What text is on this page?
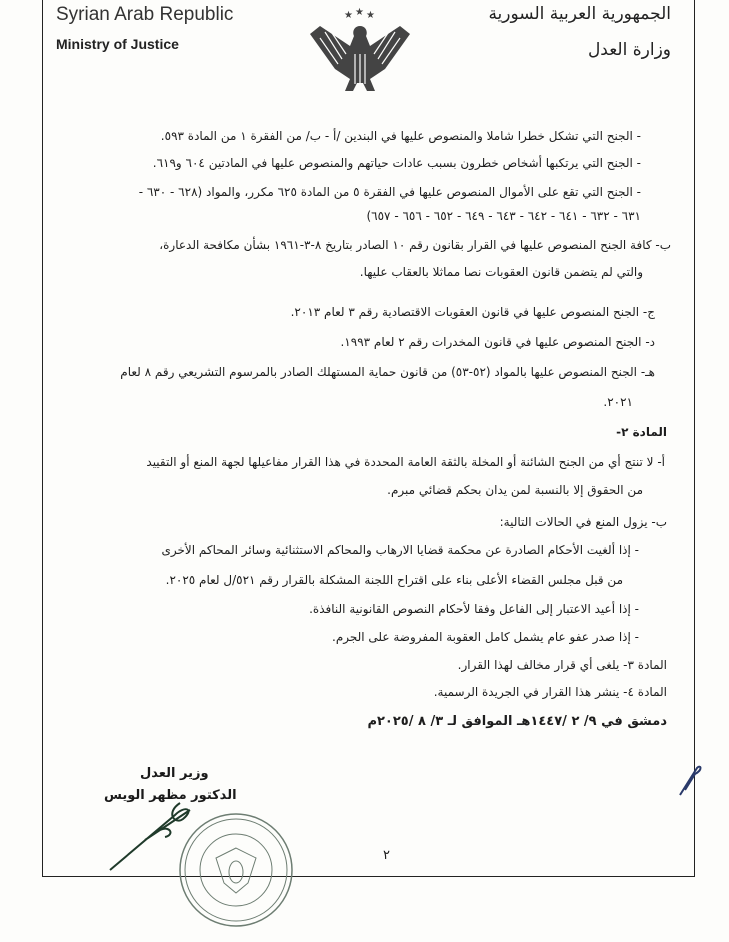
Syrian Arab Republic
Ministry of Justice
الجمهورية العربية السورية
وزارة العدل
★ ★ ★
- الجنح التي تشكل خطرا شاملا والمنصوص عليها في البندين /أ - ب/ من الفقرة ١ من المادة ٥٩٣.
- الجنح التي يرتكبها أشخاص خطرون بسبب عادات حياتهم والمنصوص عليها في المادتين ٦٠٤ و٦١٩.
- الجنح التي تقع على الأموال المنصوص عليها في الفقرة ٥ من المادة ٦٢٥ مكرر، والمواد (٦٢٨ - ٦٣٠ -
٦٣١ - ٦٣٢ - ٦٤١ - ٦٤٢ - ٦٤٣ - ٦٤٩ - ٦٥٢ - ٦٥٦ - ٦٥٧)
ب- كافة الجنح المنصوص عليها في القرار بقانون رقم ١٠ الصادر بتاريخ ٨-٣-١٩٦١ بشأن مكافحة الدعارة،
والتي لم يتضمن قانون العقوبات نصا مماثلا بالعقاب عليها.
ج- الجنح المنصوص عليها في قانون العقوبات الاقتصادية رقم ٣ لعام ٢٠١٣.
د- الجنح المنصوص عليها في قانون المخدرات رقم ٢ لعام ١٩٩٣.
هـ- الجنح المنصوص عليها بالمواد (٥٢-٥٣) من قانون حماية المستهلك الصادر بالمرسوم التشريعي رقم ٨ لعام
٢٠٢١.
المادة ٢-
أ- لا تنتج أي من الجنح الشائنة أو المخلة بالثقة العامة المحددة في هذا القرار مفاعيلها لجهة المنع أو التقييد
من الحقوق إلا بالنسبة لمن يدان بحكم قضائي مبرم.
ب- يزول المنع في الحالات التالية:
- إذا ألغيت الأحكام الصادرة عن محكمة قضايا الارهاب والمحاكم الاستثنائية وسائر المحاكم الأخرى
من قبل مجلس القضاء الأعلى بناء على اقتراح اللجنة المشكلة بالقرار رقم ٥٢١/ل لعام ٢٠٢٥.
- إذا أعيد الاعتبار إلى الفاعل وفقا لأحكام النصوص القانونية النافذة.
- إذا صدر عفو عام يشمل كامل العقوبة المفروضة على الجرم.
المادة ٣- يلغى أي قرار مخالف لهذا القرار.
المادة ٤- ينشر هذا القرار في الجريدة الرسمية.
دمشق في ٩/ ٢ /١٤٤٧هـ الموافق لـ ٣/ ٨ /٢٠٢٥م
وزير العدل
الدكتور مظهر الويس
٢
